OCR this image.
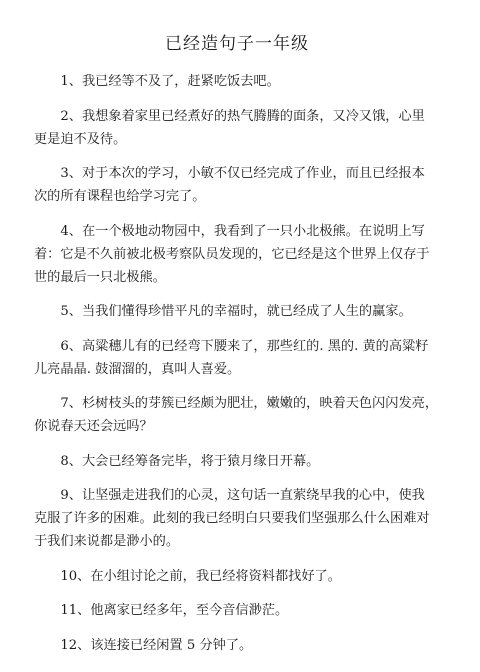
已经造句子一年级

1、我已经等不及了，赶紧吃饭去吧。

2、我想象着家里已经煮好的热气腾腾的面条，又冷又饿，心里 更是迫不及待。

3、对于本次的学习，小敏不仅已经完成了作业，而且已经报本 次的所有课程也给学习完了。

4、在一个极地动物园中，我看到了一只小北极熊。在说明上写 着：它是不久前被北极考察队员发现的，它已经是这个世界上仅存于 世的最后一只北极熊。

5、当我们懂得珍惜平凡的幸福时，就已经成了人生的赢家。

6、高粱穗儿有的已经弯下腰来了，那些红的. 黑的. 黄的高粱籽儿亮晶晶. 鼓溜溜的，真叫人喜爱。

7、杉树枝头的芽簇已经颇为肥壮，嫩嫩的，映着天色闪闪发亮，你说春天还会远吗？

8、大会已经筹备完毕，将于猿月缘日开幕。

9、让坚强走进我们的心灵，这句话一直萦绕早我的心中，使我 克服了许多的困难。此刻的我已经明白只要我们坚强那么什么困难对 于我们来说都是渺小的。

10、在小组讨论之前，我已经将资料都找好了。

11、他离家已经多年，至今音信渺茫。

12、该连接已经闲置 5 分钟了。
